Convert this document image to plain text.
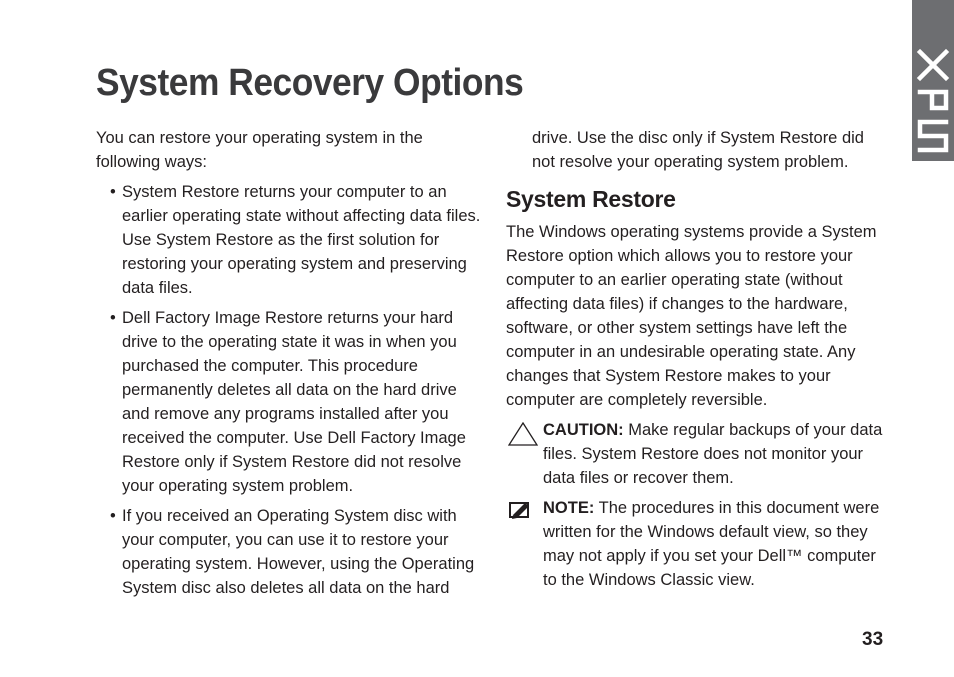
System Recovery Options

You can restore your operating system in the following ways:

• System Restore returns your computer to an earlier operating state without affecting data files. Use System Restore as the first solution for restoring your operating system and preserving data files.
• Dell Factory Image Restore returns your hard drive to the operating state it was in when you purchased the computer. This procedure permanently deletes all data on the hard drive and remove any programs installed after you received the computer. Use Dell Factory Image Restore only if System Restore did not resolve your operating system problem.
• If you received an Operating System disc with your computer, you can use it to restore your operating system. However, using the Operating System disc also deletes all data on the hard

drive. Use the disc only if System Restore did not resolve your operating system problem.

System Restore

The Windows operating systems provide a System Restore option which allows you to restore your computer to an earlier operating state (without affecting data files) if changes to the hardware, software, or other system settings have left the computer in an undesirable operating state. Any changes that System Restore makes to your computer are completely reversible.

CAUTION: Make regular backups of your data files. System Restore does not monitor your data files or recover them.
NOTE: The procedures in this document were written for the Windows default view, so they may not apply if you set your Dell™ computer to the Windows Classic view.
33
